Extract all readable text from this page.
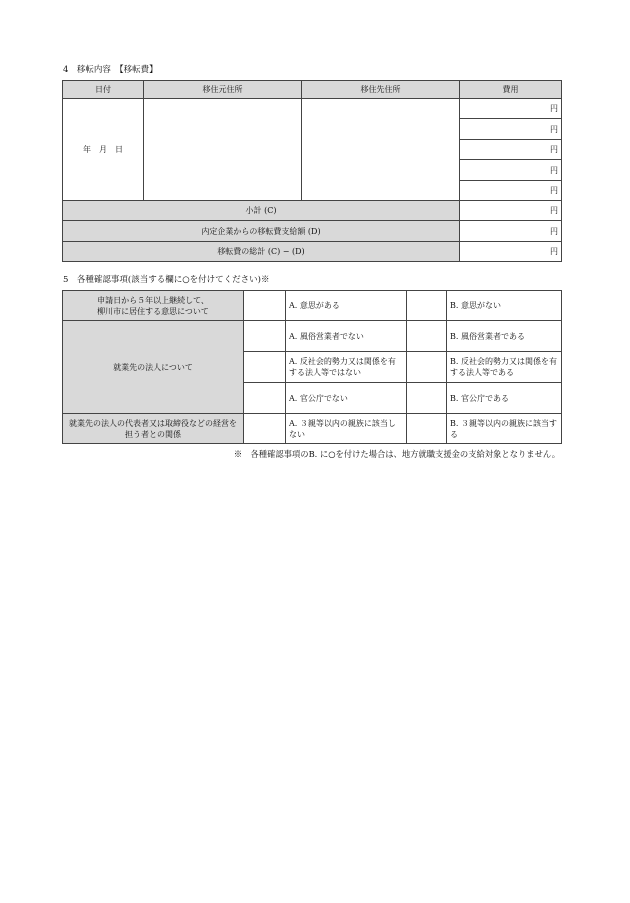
4　移転内容　【移転費】
日付	移住元住所	移住先住所	費用
年　月　日			円
			円
			円
			円
			円
小計 (C)			円
内定企業からの移転費支給額 (D)			円
移転費の総計 (C) − (D)			円
5　各種確認事項(該当する欄に○を付けてください)※
申請日から５年以上継続して、
柳川市に居住する意思について		A. 意思がある		B. 意思がない
就業先の法人について		A. 風俗営業者でない		B. 風俗営業者である
		A. 反社会的勢力又は関係を有する法人等ではない		B. 反社会的勢力又は関係を有する法人等である
		A. 官公庁でない		B. 官公庁である
就業先の法人の代表者又は取締役などの経営を担う者との関係		A. ３親等以内の親族に該当しない		B. ３親等以内の親族に該当する
※　各種確認事項のB. に○を付けた場合は、地方就職支援金の支給対象となりません。
